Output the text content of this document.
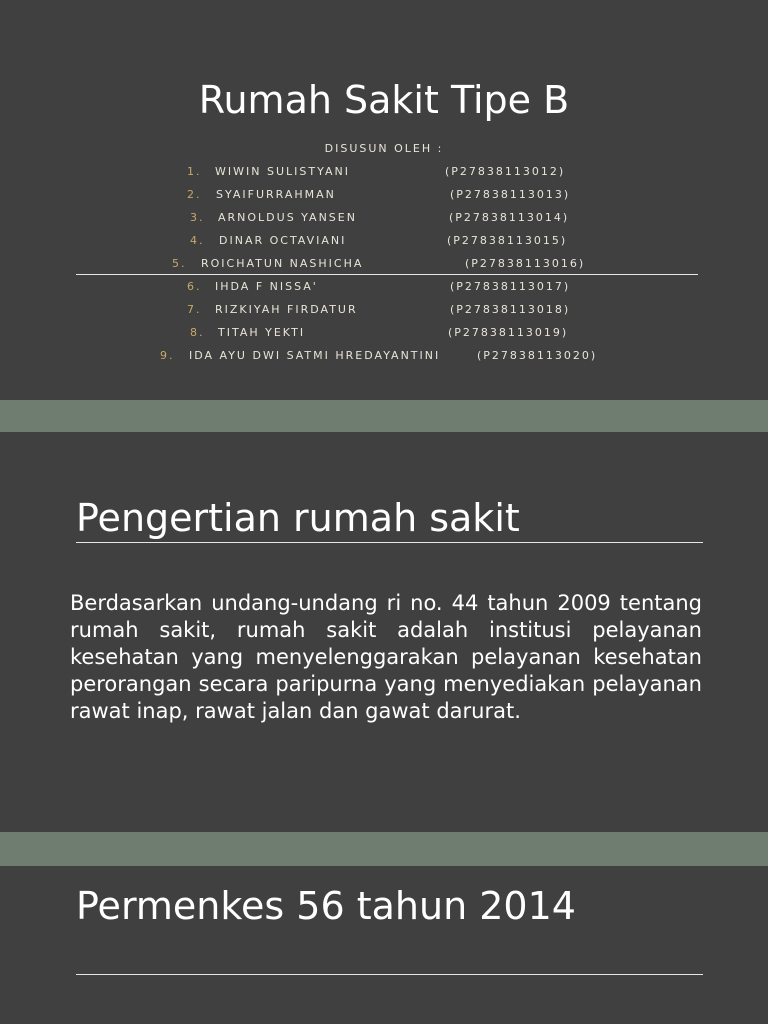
Rumah Sakit Tipe B
DISUSUN OLEH :
1. WIWIN SULISTYANI	(P27838113012)
2. SYAIFURRAHMAN	(P27838113013)
3. ARNOLDUS YANSEN	(P27838113014)
4. DINAR OCTAVIANI	(P27838113015)
5. ROICHATUN NASHICHA	(P27838113016)
6. IHDA F NISSA'	(P27838113017)
7. RIZKIYAH FIRDATUR	(P27838113018)
8. TITAH YEKTI	(P27838113019)
9. IDA AYU DWI SATMI HREDAYANTINI	(P27838113020)
Pengertian rumah sakit
Berdasarkan undang-undang ri no. 44 tahun 2009 tentang rumah sakit, rumah sakit adalah institusi pelayanan kesehatan yang menyelenggarakan pelayanan kesehatan perorangan secara paripurna yang menyediakan pelayanan rawat inap, rawat jalan dan gawat darurat.
Permenkes 56 tahun 2014
